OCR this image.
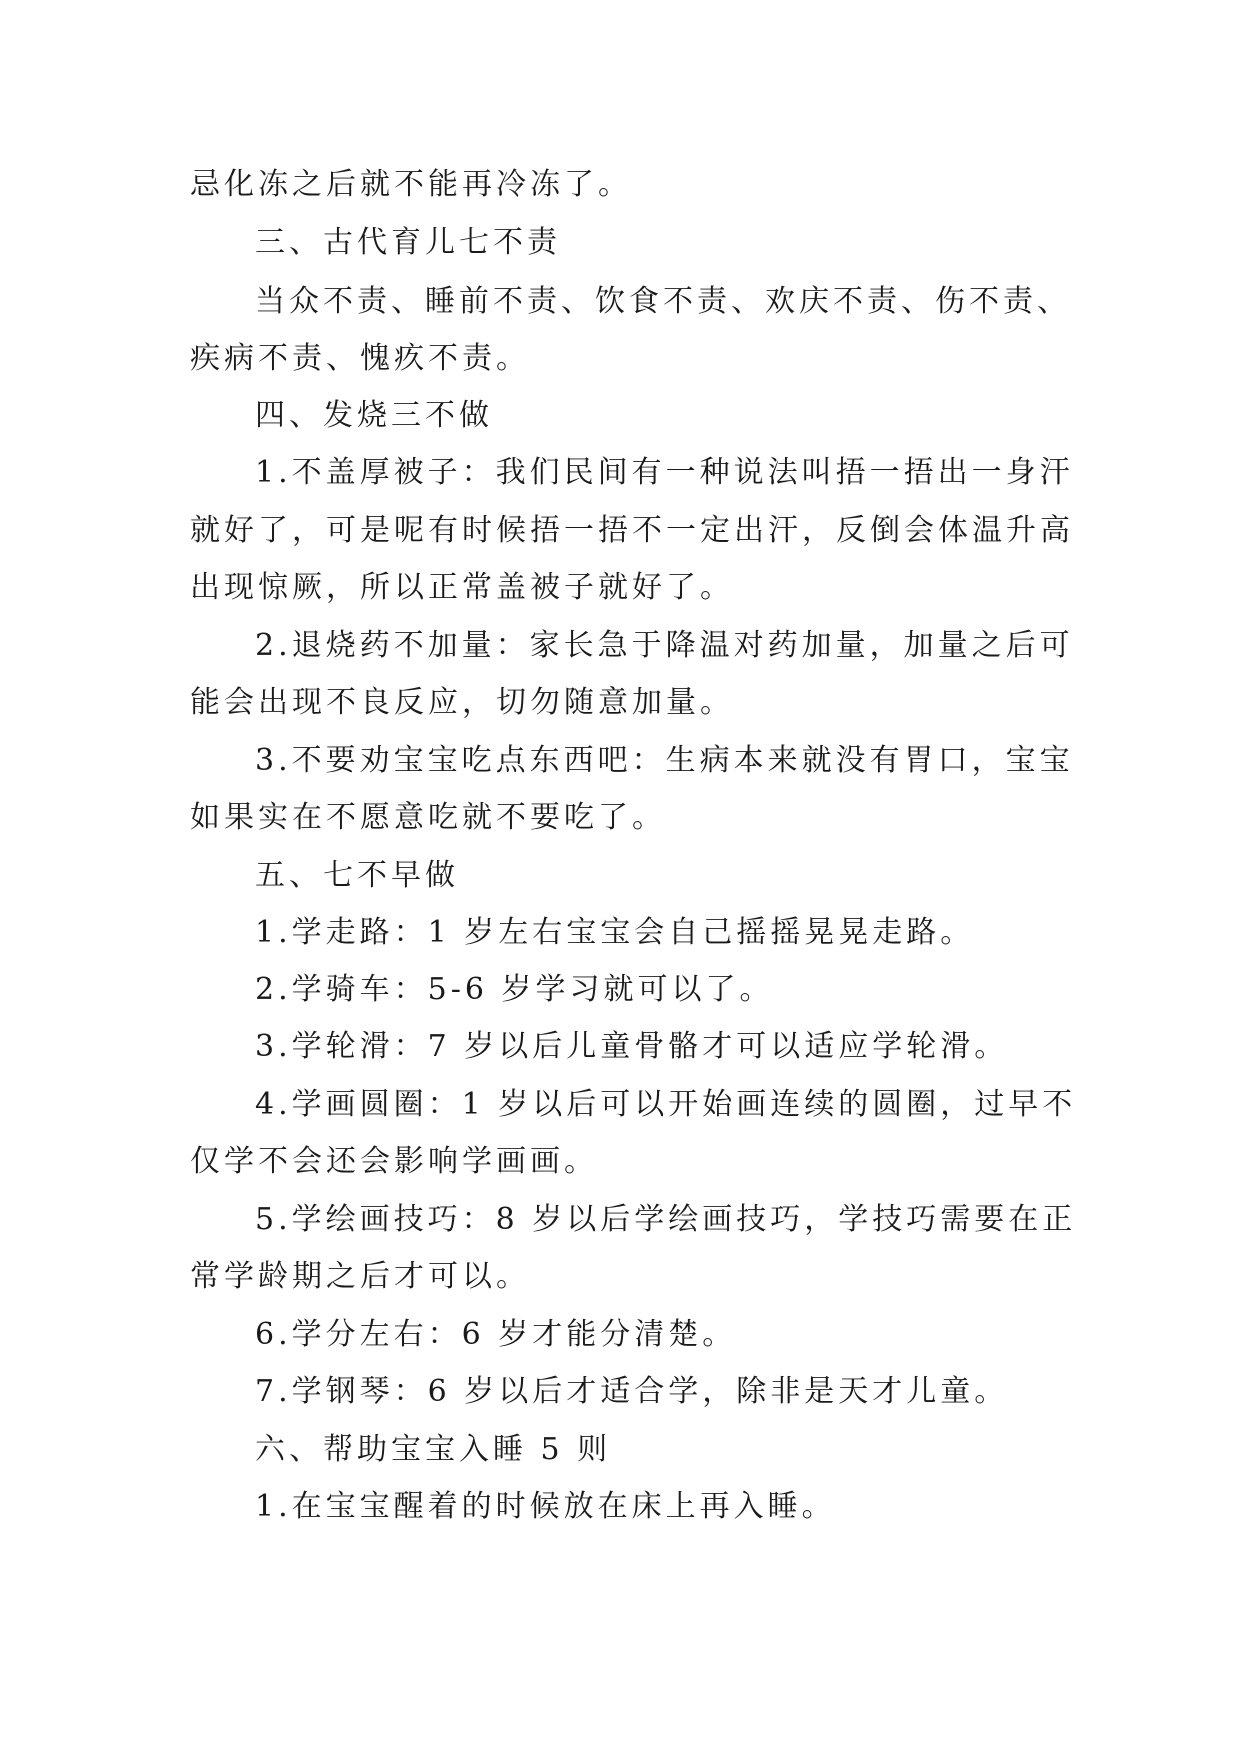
忌化冻之后就不能再冷冻了。
三、古代育儿七不责
当众不责、睡前不责、饮食不责、欢庆不责、伤不责、
疾病不责、愧疚不责。
四、发烧三不做
1.不盖厚被子：我们民间有一种说法叫捂一捂出一身汗
就好了，可是呢有时候捂一捂不一定出汗，反倒会体温升高
出现惊厥，所以正常盖被子就好了。
2.退烧药不加量：家长急于降温对药加量，加量之后可
能会出现不良反应，切勿随意加量。
3.不要劝宝宝吃点东西吧：生病本来就没有胃口，宝宝
如果实在不愿意吃就不要吃了。
五、七不早做
1.学走路：1 岁左右宝宝会自己摇摇晃晃走路。
2.学骑车：5-6 岁学习就可以了。
3.学轮滑：7 岁以后儿童骨骼才可以适应学轮滑。
4.学画圆圈：1 岁以后可以开始画连续的圆圈，过早不
仅学不会还会影响学画画。
5.学绘画技巧：8 岁以后学绘画技巧，学技巧需要在正
常学龄期之后才可以。
6.学分左右：6 岁才能分清楚。
7.学钢琴：6 岁以后才适合学，除非是天才儿童。
六、帮助宝宝入睡 5 则
1.在宝宝醒着的时候放在床上再入睡。
